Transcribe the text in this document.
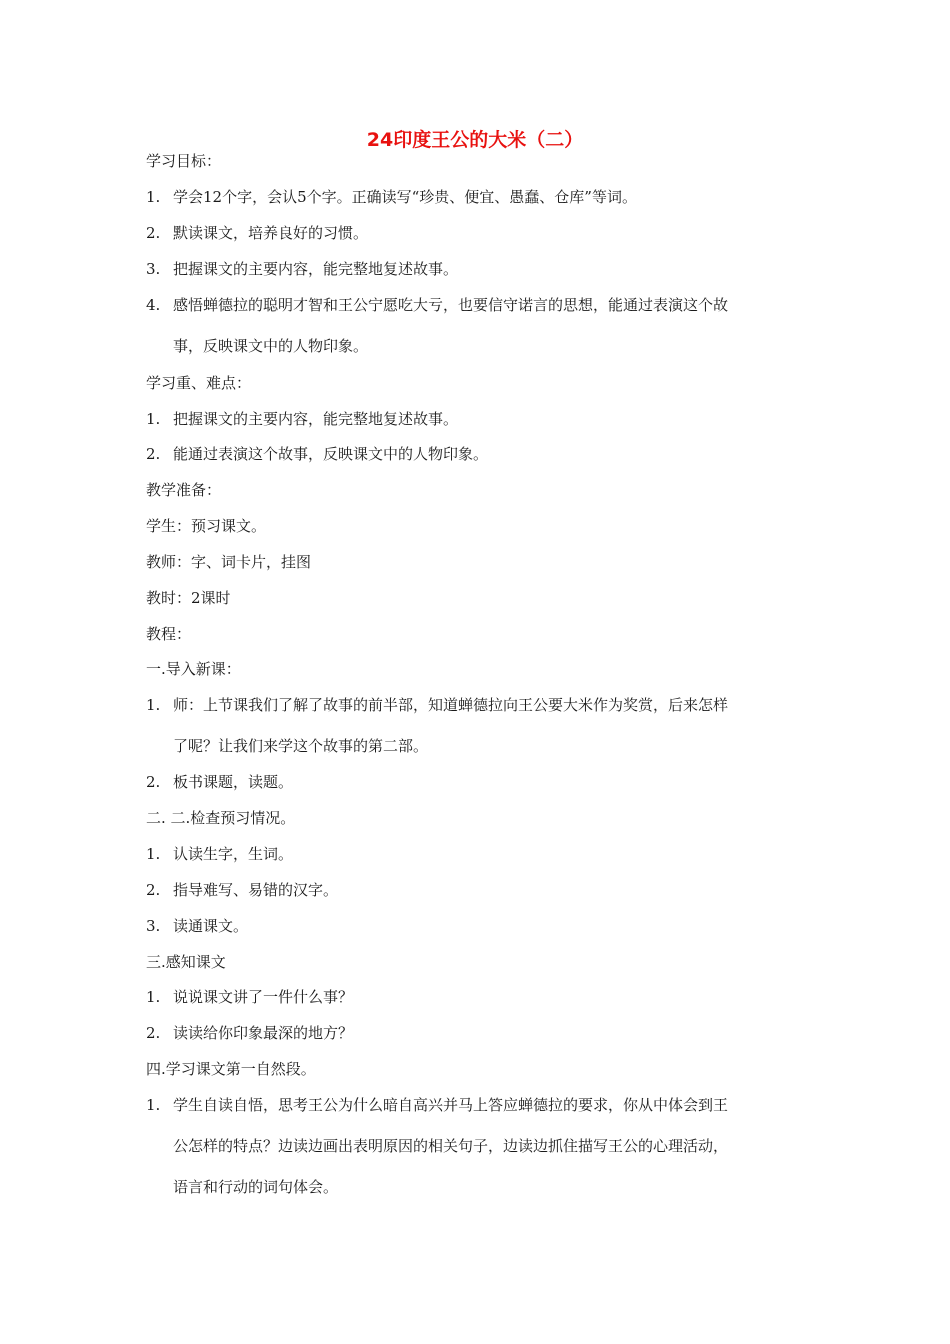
24印度王公的大米（二）
学习目标：
1. 学会12个字，会认5个字。正确读写“珍贵、便宜、愚蠢、仓库”等词。
2. 默读课文，培养良好的习惯。
3. 把握课文的主要内容，能完整地复述故事。
4. 感悟蝉德拉的聪明才智和王公宁愿吃大亏，也要信守诺言的思想，能通过表演这个故
事，反映课文中的人物印象。
学习重、难点：
1. 把握课文的主要内容，能完整地复述故事。
2. 能通过表演这个故事，反映课文中的人物印象。
教学准备：
学生：预习课文。
教师：字、词卡片，挂图
教时：2课时
教程：
一.导入新课：
1. 师：上节课我们了解了故事的前半部，知道蝉德拉向王公要大米作为奖赏，后来怎样
了呢？让我们来学这个故事的第二部。
2. 板书课题，读题。
二. 二.检查预习情况。
1. 认读生字，生词。
2. 指导难写、易错的汉字。
3. 读通课文。
三.感知课文
1. 说说课文讲了一件什么事？
2. 读读给你印象最深的地方？
四.学习课文第一自然段。
1. 学生自读自悟，思考王公为什么暗自高兴并马上答应蝉德拉的要求，你从中体会到王
公怎样的特点？边读边画出表明原因的相关句子，边读边抓住描写王公的心理活动，
语言和行动的词句体会。
